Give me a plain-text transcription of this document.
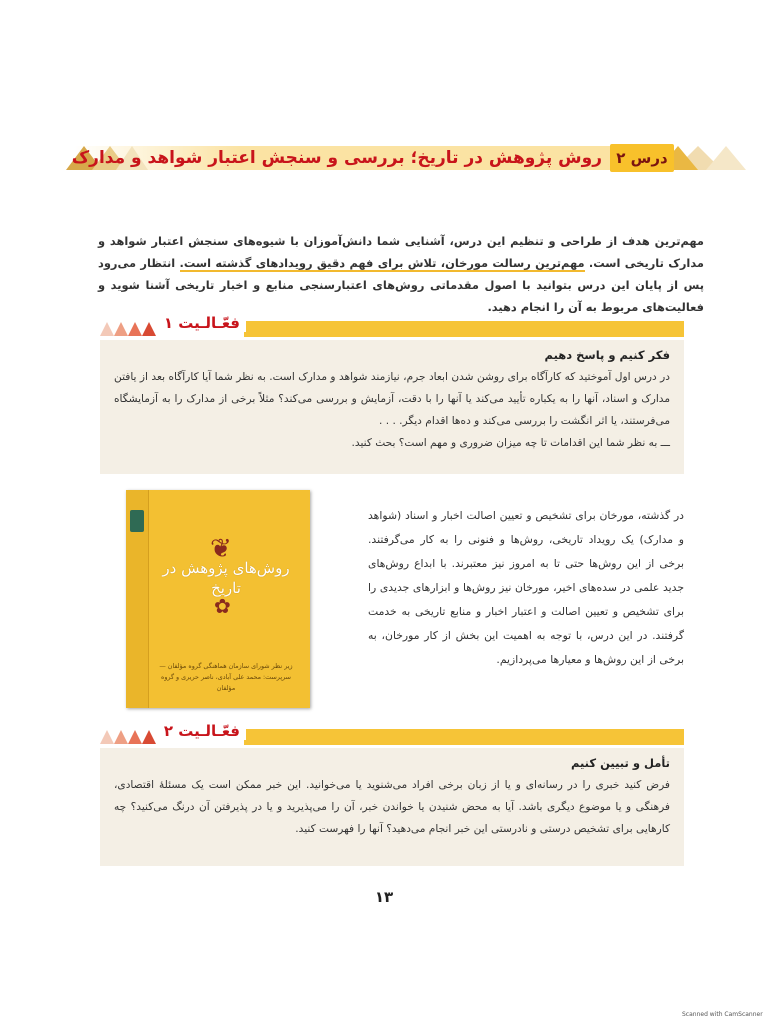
درس ۲
روش پژوهش در تاریخ؛ بررسی و سنجش اعتبار شواهد و مدارک
مهم‌ترین هدف از طراحی و تنظیم این درس، آشنایی شما دانش‌آموزان با شیوه‌های سنجش اعتبار شواهد و مدارک تاریخی است. مهم‌ترین رسالت مورخان، تلاش برای فهم دقیق رویدادهای گذشته است. انتظار می‌رود پس از پایان این درس بتوانید با اصول مقدماتی روش‌های اعتبارسنجی منابع و اخبار تاریخی آشنا شوید و فعالیت‌های مربوط به آن را انجام دهید.
فعّـالـیت ۱
فکر کنیم و پاسخ دهیم

در درس اول آموختید که کارآگاه برای روشن شدن ابعاد جرم، نیازمند شواهد و مدارک است. به نظر شما آیا کارآگاه بعد از یافتن مدارک و اسناد، آنها را به یکباره تأیید می‌کند یا آنها را با دقت، آزمایش و بررسی می‌کند؟ مثلاً برخی از مدارک را به آزمایشگاه می‌فرستند، یا اثر انگشت را بررسی می‌کند و ده‌ها اقدام دیگر. . . .

ـــ به نظر شما این اقدامات تا چه میزان ضروری و مهم است؟ بحث کنید.

❦
روش‌های پژوهش در تاریخ
✿
زیر نظر شورای سازمان هماهنگی گروه مؤلفان — سرپرست: محمد علی آبادی، ناصر حریری و گروه مؤلفان
در گذشته، مورخان برای تشخیص و تعیین اصالت اخبار و اسناد (شواهد و مدارک) یک رویداد تاریخی، روش‌ها و فنونی را به کار می‌گرفتند. برخی از این روش‌ها حتی تا به امروز نیز معتبرند. با ابداع روش‌های جدید علمی در سده‌های اخیر، مورخان نیز روش‌ها و ابزارهای جدیدی را برای تشخیص و تعیین اصالت و اعتبار اخبار و منابع تاریخی به خدمت گرفتند. در این درس، با توجه به اهمیت این بخش از کار مورخان، به برخی از این روش‌ها و معیارها می‌پردازیم.
فعّـالـیت ۲
تأمل و تبیین کنیم

فرض کنید خبری را در رسانه‌ای و یا از زبان برخی افراد می‌شنوید یا می‌خوانید. این خبر ممکن است یک مسئلهٔ اقتصادی، فرهنگی و یا موضوع دیگری باشد. آیا به محض شنیدن یا خواندن خبر، آن را می‌پذیرید و یا در پذیرفتن آن درنگ می‌کنید؟ چه کارهایی برای تشخیص درستی و نادرستی این خبر انجام می‌دهید؟ آنها را فهرست کنید.

۱۳
Scanned with CamScanner
